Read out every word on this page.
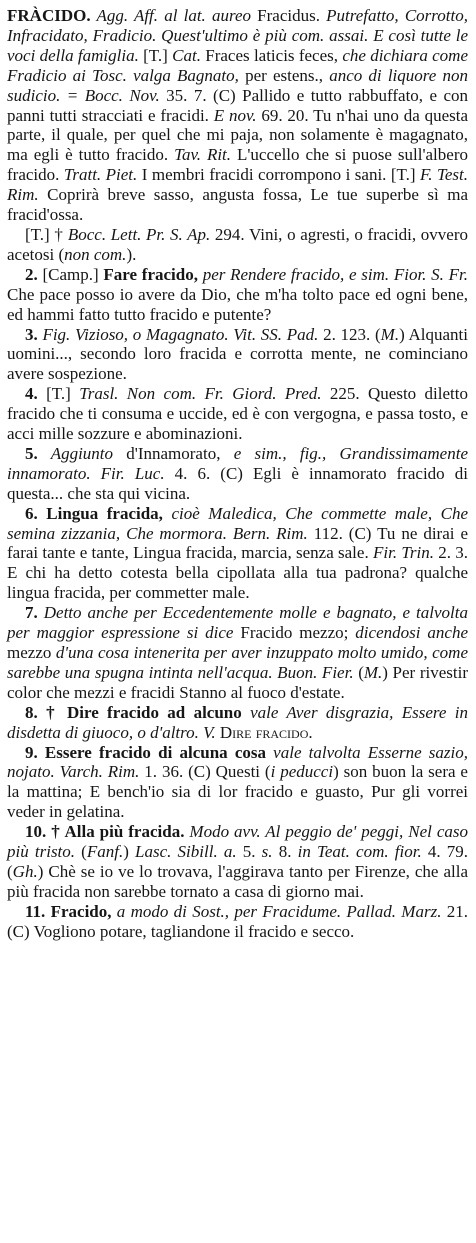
FRÀCIDO. Agg. Aff. al lat. aureo Fracidus. Putrefatto, Corrotto, Infracidato, Fradicio. Quest'ultimo è più com. assai. E così tutte le voci della famiglia. [T.] Cat. Fraces laticis feces, che dichiara come Fradicio ai Tosc. valga Bagnato, per estens., anco di liquore non sudicio. = Bocc. Nov. 35. 7. (C) Pallido e tutto rabbuffato, e con panni tutti stracciati e fracidi. E nov. 69. 20. Tu n'hai uno da questa parte, il quale, per quel che mi paja, non solamente è magagnato, ma egli è tutto fracido. Tav. Rit. L'uccello che si puose sull'albero fracido. Tratt. Piet. I membri fracidi corrompono i sani. [T.] F. Test. Rim. Coprirà breve sasso, angusta fossa, Le tue superbe sì ma fracid'ossa.

[T.] † Bocc. Lett. Pr. S. Ap. 294. Vini, o agresti, o fracidi, ovvero acetosi (non com.).

2. [Camp.] Fare fracido, per Rendere fracido, e sim. Fior. S. Fr. Che pace posso io avere da Dio, che m'ha tolto pace ed ogni bene, ed hammi fatto tutto fracido e putente?

3. Fig. Vizioso, o Magagnato. Vit. SS. Pad. 2. 123. (M.) Alquanti uomini..., secondo loro fracida e corrotta mente, ne cominciano avere sospezione.

4. [T.] Trasl. Non com. Fr. Giord. Pred. 225. Questo diletto fracido che ti consuma e uccide, ed è con vergogna, e passa tosto, e acci mille sozzure e abominazioni.

5. Aggiunto d'Innamorato, e sim., fig., Grandissimamente innamorato. Fir. Luc. 4. 6. (C) Egli è innamorato fracido di questa... che sta qui vicina.

6. Lingua fracida, cioè Maledica, Che commette male, Che semina zizzania, Che mormora. Bern. Rim. 112. (C) Tu ne dirai e farai tante e tante, Lingua fracida, marcia, senza sale. Fir. Trin. 2. 3. E chi ha detto cotesta bella cipollata alla tua padrona? qualche lingua fracida, per commetter male.

7. Detto anche per Eccedentemente molle e bagnato, e talvolta per maggior espressione si dice Fracido mezzo; dicendosi anche mezzo d'una cosa intenerita per aver inzuppato molto umido, come sarebbe una spugna intinta nell'acqua. Buon. Fier. (M.) Per rivestir color che mezzi e fracidi Stanno al fuoco d'estate.

8. † Dire fracido ad alcuno vale Aver disgrazia, Essere in disdetta di giuoco, o d'altro. V. Dire fracido.

9. Essere fracido di alcuna cosa vale talvolta Esserne sazio, nojato. Varch. Rim. 1. 36. (C) Questi (i peducci) son buon la sera e la mattina; E bench'io sia di lor fracido e guasto, Pur gli vorrei veder in gelatina.

10. † Alla più fracida. Modo avv. Al peggio de' peggi, Nel caso più tristo. (Fanf.) Lasc. Sibill. a. 5. s. 8. in Teat. com. fior. 4. 79. (Gh.) Chè se io ve lo trovava, l'aggirava tanto per Firenze, che alla più fracida non sarebbe tornato a casa di giorno mai.

11. Fracido, a modo di Sost., per Fracidume. Pallad. Marz. 21. (C) Vogliono potare, tagliandone il fracido e secco.
